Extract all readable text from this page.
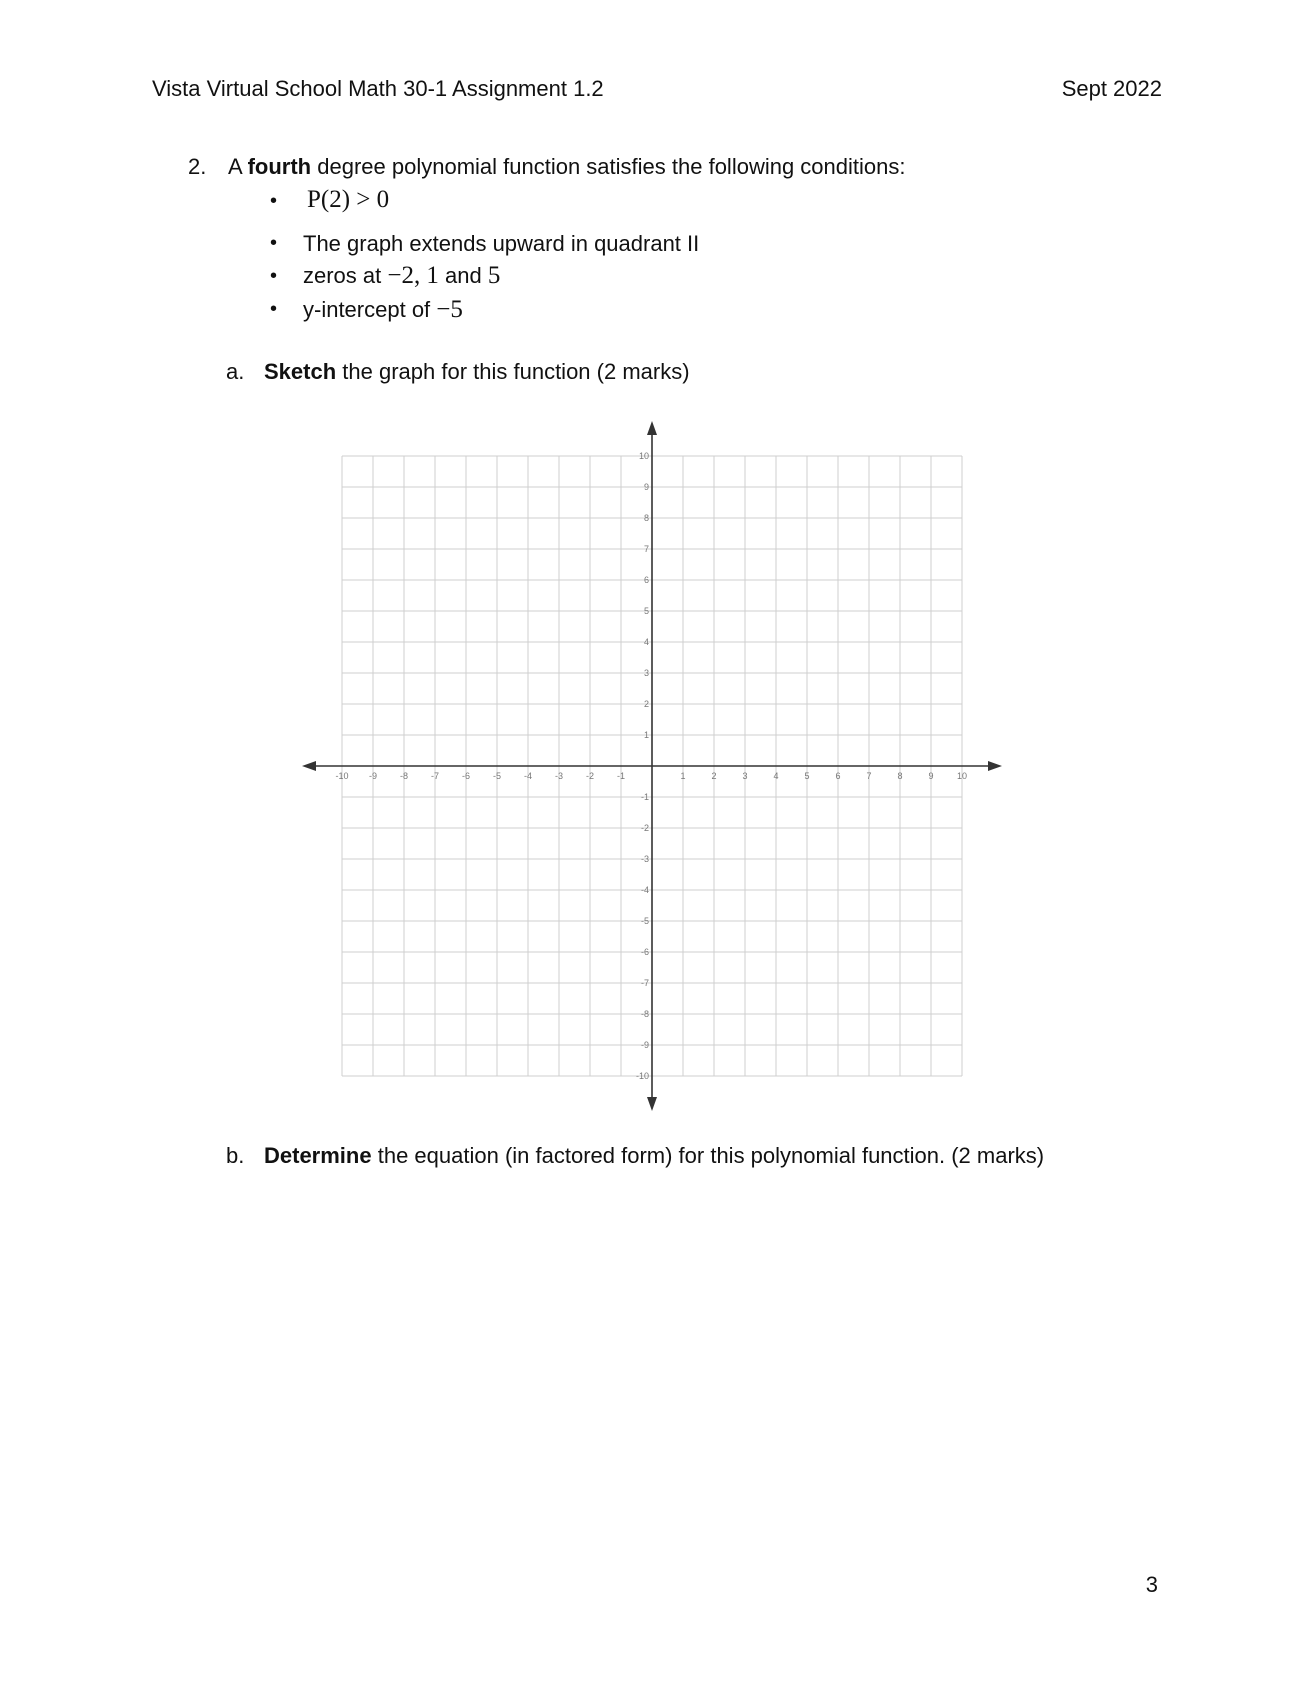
Vista Virtual School Math 30-1 Assignment 1.2	Sept 2022
2. A fourth degree polynomial function satisfies the following conditions:
• P(2) > 0
• The graph extends upward in quadrant II
• zeros at −2, 1 and 5
• y-intercept of −5
a. Sketch the graph for this function (2 marks)
-10 -9	-8	-7	-6	-5	-4	-3	-2	-1	1	2	3	4	5	6	7	8	9	10
10
9
8
7
6
5
4
3
2
1
-1
-2
-3
-4
-5
-6
-7
-8
-9
-10
b. Determine the equation (in factored form) for this polynomial function. (2 marks)
3
